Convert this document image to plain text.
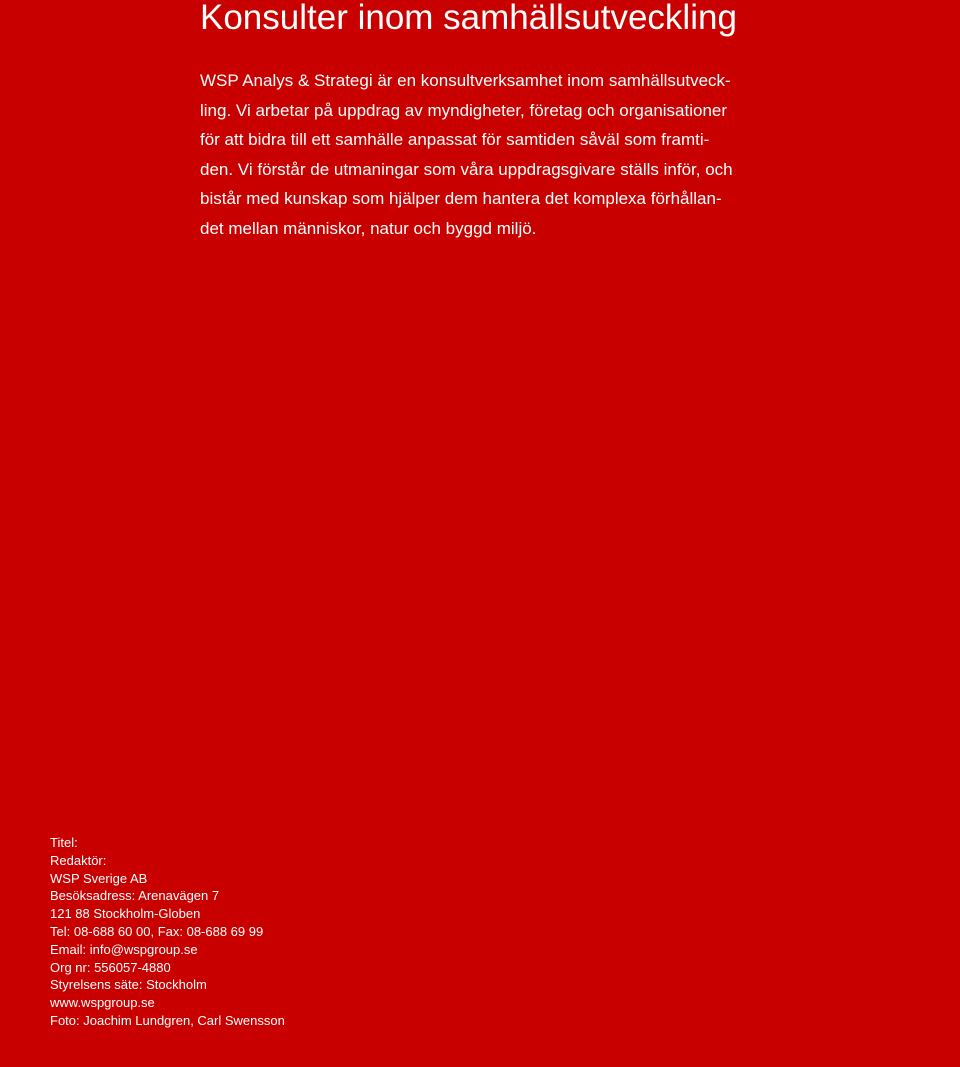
Konsulter inom samhällsutveckling
WSP Analys & Strategi är en konsultverksamhet inom samhällsutveck-
ling. Vi arbetar på uppdrag av myndigheter, företag och organisationer
för att bidra till ett samhälle anpassat för samtiden såväl som framti-
den. Vi förstår de utmaningar som våra uppdragsgivare ställs inför, och
bistår med kunskap som hjälper dem hantera det komplexa förhållan-
det mellan människor, natur och byggd miljö.
Titel:
Redaktör:
WSP Sverige AB
Besöksadress: Arenavägen 7
121 88 Stockholm-Globen
Tel: 08-688 60 00, Fax: 08-688 69 99
Email: info@wspgroup.se
Org nr: 556057-4880
Styrelsens säte: Stockholm
www.wspgroup.se
Foto: Joachim Lundgren, Carl Swensson
